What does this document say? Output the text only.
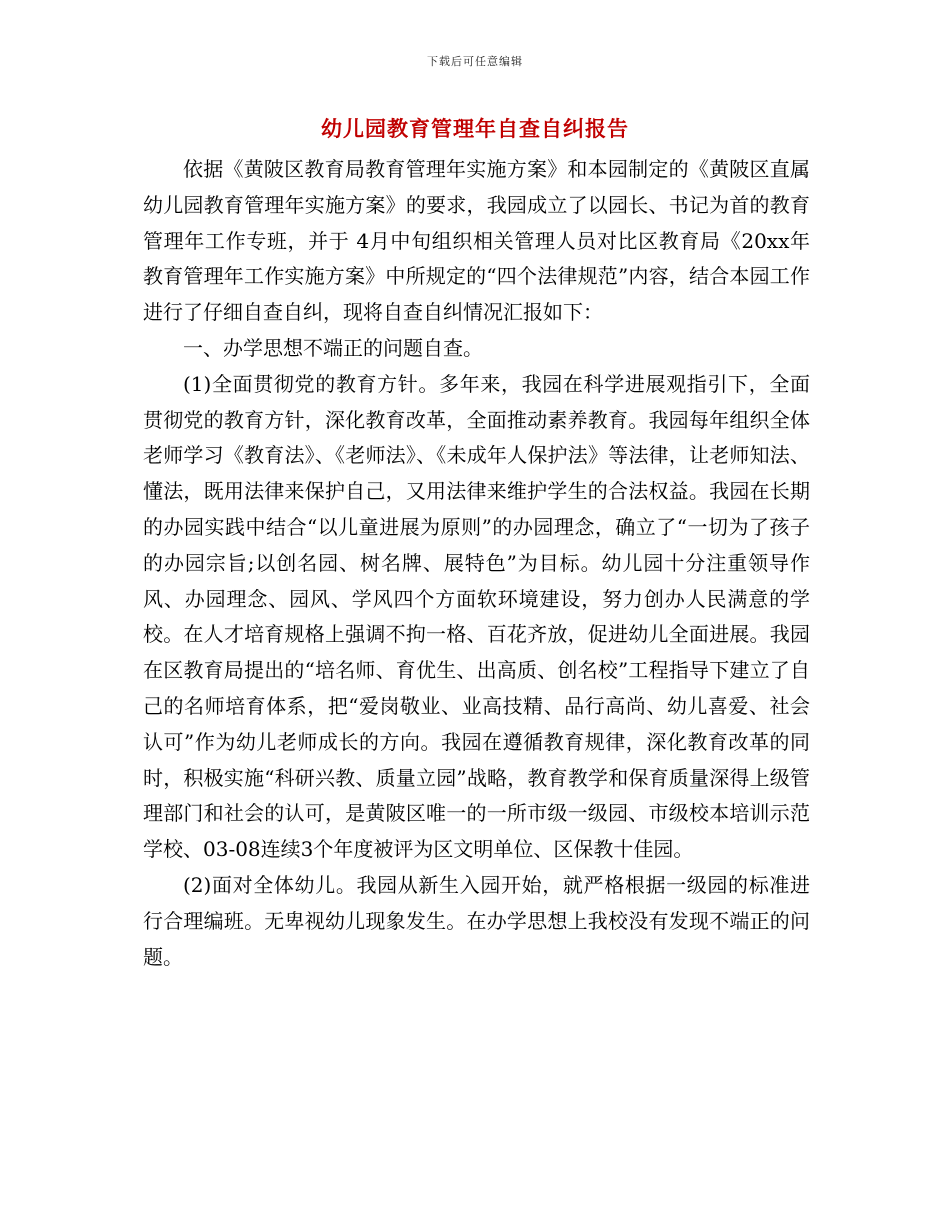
下载后可任意编辑
幼儿园教育管理年自查自纠报告

依据《黄陂区教育局教育管理年实施方案》和本园制定的《黄陂区直属幼儿园教育管理年实施方案》的要求，我园成立了以园长、书记为首的教育管理年工作专班，并于 4月中旬组织相关管理人员对比区教育局《20xx年教育管理年工作实施方案》中所规定的“四个法律规范”内容，结合本园工作进行了仔细自查自纠，现将自查自纠情况汇报如下：

一、办学思想不端正的问题自查。

(1)全面贯彻党的教育方针。多年来，我园在科学进展观指引下，全面贯彻党的教育方针，深化教育改革，全面推动素养教育。我园每年组织全体老师学习《教育法》、《老师法》、《未成年人保护法》等法律，让老师知法、懂法，既用法律来保护自己，又用法律来维护学生的合法权益。我园在长期的办园实践中结合“以儿童进展为原则”的办园理念，确立了“一切为了孩子的办园宗旨;以创名园、树名牌、展特色”为目标。幼儿园十分注重领导作风、办园理念、园风、学风四个方面软环境建设，努力创办人民满意的学校。在人才培育规格上强调不拘一格、百花齐放，促进幼儿全面进展。我园在区教育局提出的“培名师、育优生、出高质、创名校”工程指导下建立了自己的名师培育体系，把“爱岗敬业、业高技精、品行高尚、幼儿喜爱、社会认可”作为幼儿老师成长的方向。我园在遵循教育规律，深化教育改革的同时，积极实施“科研兴教、质量立园”战略，教育教学和保育质量深得上级管理部门和社会的认可，是黄陂区唯一的一所市级一级园、市级校本培训示范学校、03-08连续3个年度被评为区文明单位、区保教十佳园。

(2)面对全体幼儿。我园从新生入园开始，就严格根据一级园的标准进行合理编班。无卑视幼儿现象发生。在办学思想上我校没有发现不端正的问题。
